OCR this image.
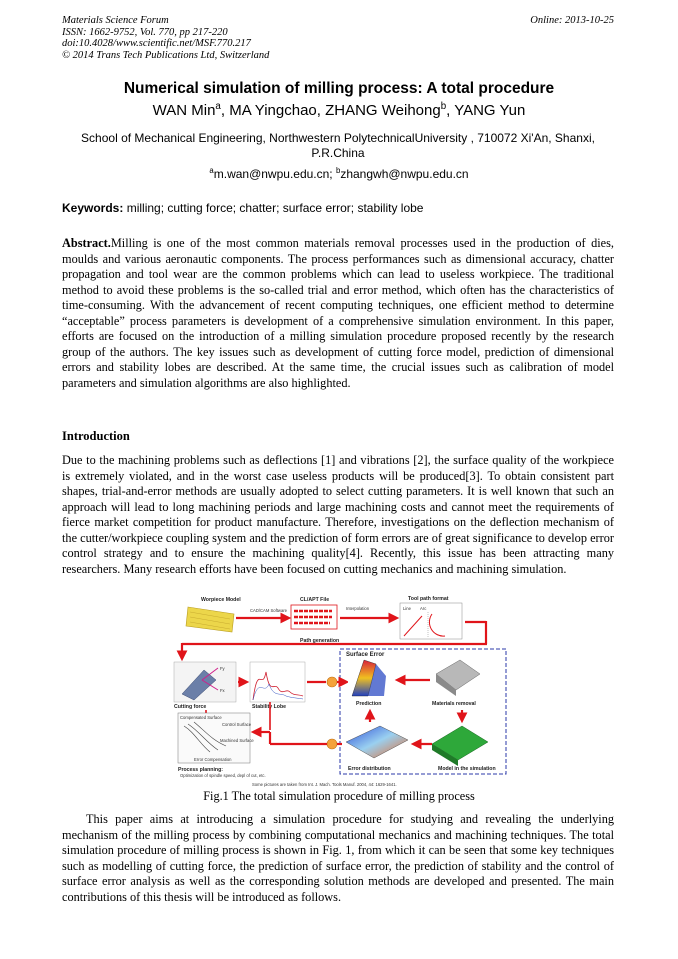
Materials Science Forum
ISSN: 1662-9752, Vol. 770, pp 217-220
doi:10.4028/www.scientific.net/MSF.770.217
© 2014 Trans Tech Publications Ltd, Switzerland
Online: 2013-10-25
Numerical simulation of milling process: A total procedure
WAN Min$^a$, MA Yingchao, ZHANG Weihong$^b$, YANG Yun
School of Mechanical Engineering, Northwestern PolytechnicalUniversity , 710072 Xi'An, Shanxi, P.R.China
$^a$m.wan@nwpu.edu.cn; $^b$zhangwh@nwpu.edu.cn
Keywords: milling; cutting force; chatter; surface error; stability lobe
Abstract.Milling is one of the most common materials removal processes used in the production of dies, moulds and various aeronautic components. The process performances such as dimensional accuracy, chatter propagation and tool wear are the common problems which can lead to useless workpiece. The traditional method to avoid these problems is the so-called trial and error method, which often has the characteristics of time-consuming. With the advancement of recent computing techniques, one efficient method to determine “acceptable” process parameters is development of a comprehensive simulation environment. In this paper, efforts are focused on the introduction of a milling simulation procedure proposed recently by the research group of the authors. The key issues such as development of cutting force model, prediction of dimensional errors and stability lobes are described. At the same time, the crucial issues such as calibration of model parameters and simulation algorithms are also highlighted.
Introduction
Due to the machining problems such as deflections [1] and vibrations [2], the surface quality of the workpiece is extremely violated, and in the worst case useless products will be produced[3]. To obtain consistent part shapes, trial-and-error methods are usually adopted to select cutting parameters. It is well known that such an approach will lead to long machining periods and large machining costs and cannot meet the requirements of fierce market competition for product manufacture. Therefore, investigations on the deflection mechanism of the cutter/workpiece coupling system and the prediction of form errors are of great significance to develop error control strategy and to ensure the machining quality[4]. Recently, this issue has been attracting many researchers. Many research efforts have been focused on cutting mechanics and machining simulation.
Worpiece Model
CAD/CAM Software
CL/APT File
Interpolation
Tool path format
Line Arc
Path generation
Surface Error
Fy
Fx
Cutting force	Stability Lobe	Prediction	Materials removal
Error distribution	Model in the simulation
Compensated Surface
Control Surface
Machined Surface
Error Compensation
Process planning:
Optimization of spindle speed, depl of cut, etc.
Some pictures are taken from Int. J. Mach. Tools Manuf. 2004, 44: 1629-1641.
Fig.1 The total simulation procedure of milling process
This paper aims at introducing a simulation procedure for studying and revealing the underlying mechanism of the milling process by combining computational mechanics and machining techniques. The total simulation procedure of milling process is shown in Fig. 1, from which it can be seen that some key techniques such as modelling of cutting force, the prediction of surface error, the prediction of stability and the control of surface error analysis as well as the corresponding solution methods are developed and presented. The main contributions of this thesis will be introduced as follows.
